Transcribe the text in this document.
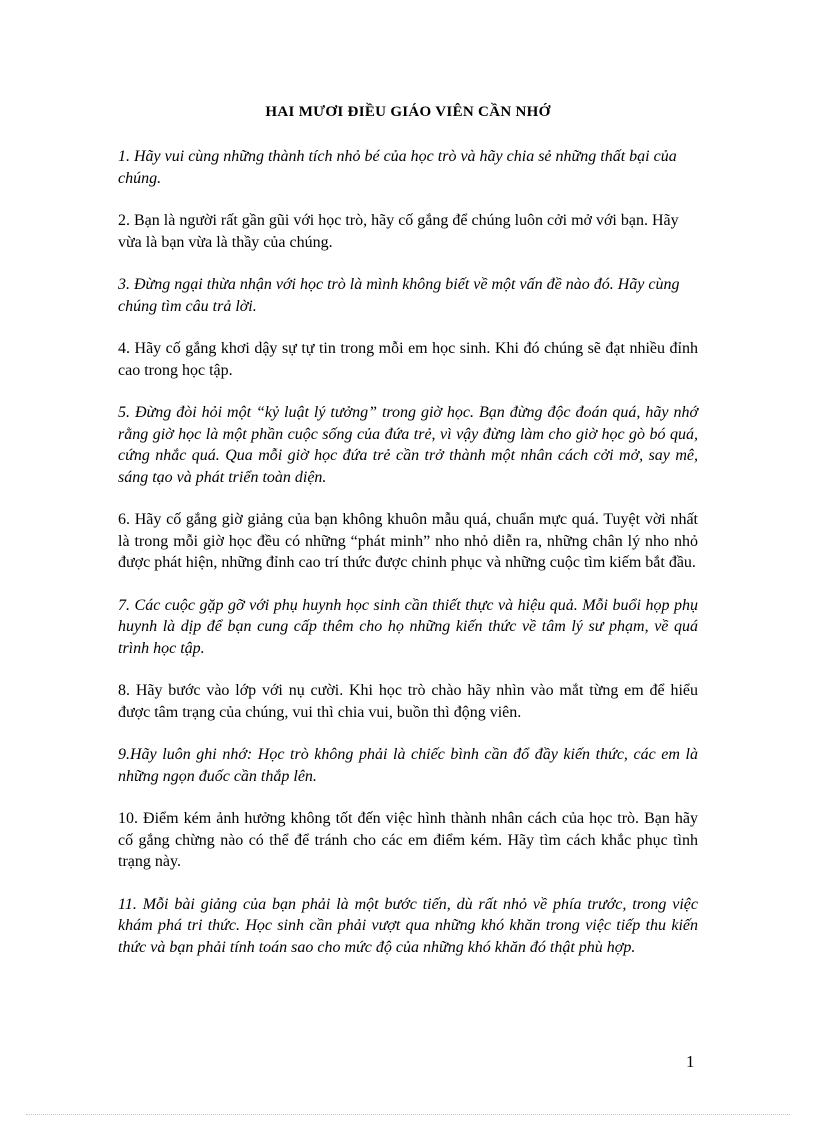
HAI MƯƠI ĐIỀU GIÁO VIÊN CẦN NHỚ

1. Hãy vui cùng những thành tích nhỏ bé của học trò và hãy chia sẻ những thất bại của chúng.

2. Bạn là người rất gần gũi với học trò, hãy cố gắng để chúng luôn cởi mở với bạn. Hãy vừa là bạn vừa là thầy của chúng.

3. Đừng ngại thừa nhận với học trò là mình không biết về một vấn đề nào đó. Hãy cùng chúng tìm câu trả lời.

4. Hãy cố gắng khơi dậy sự tự tin trong mỗi em học sinh. Khi đó chúng sẽ đạt nhiều đỉnh cao trong học tập.

5. Đừng đòi hỏi một “kỷ luật lý tưởng” trong giờ học. Bạn đừng độc đoán quá, hãy nhớ rằng giờ học là một phần cuộc sống của đứa trẻ, vì vậy đừng làm cho giờ học gò bó quá, cứng nhắc quá. Qua mỗi giờ học đứa trẻ cần trở thành một nhân cách cởi mở, say mê, sáng tạo và phát triển toàn diện.

6. Hãy cố gắng giờ giảng của bạn không khuôn mẫu quá, chuẩn mực quá. Tuyệt vời nhất là trong mỗi giờ học đều có những “phát minh” nho nhỏ diễn ra, những chân lý nho nhỏ được phát hiện, những đỉnh cao trí thức được chinh phục và những cuộc tìm kiếm bắt đầu.

7. Các cuộc gặp gỡ với phụ huynh học sinh cần thiết thực và hiệu quả. Mỗi buổi họp phụ huynh là dịp để bạn cung cấp thêm cho họ những kiến thức về tâm lý sư phạm, về quá trình học tập.

8. Hãy bước vào lớp với nụ cười. Khi học trò chào hãy nhìn vào mắt từng em để hiểu được tâm trạng của chúng, vui thì chia vui, buồn thì động viên.

9.Hãy luôn ghi nhớ: Học trò không phải là chiếc bình cần đổ đầy kiến thức, các em là những ngọn đuốc cần thắp lên.

10. Điểm kém ảnh hưởng không tốt đến việc hình thành nhân cách của học trò. Bạn hãy cố gắng chừng nào có thể để tránh cho các em điểm kém. Hãy tìm cách khắc phục tình trạng này.

11. Mỗi bài giảng của bạn phải là một bước tiến, dù rất nhỏ về phía trước, trong việc khám phá tri thức. Học sinh cần phải vượt qua những khó khăn trong việc tiếp thu kiến thức và bạn phải tính toán sao cho mức độ của những khó khăn đó thật phù hợp.

1
